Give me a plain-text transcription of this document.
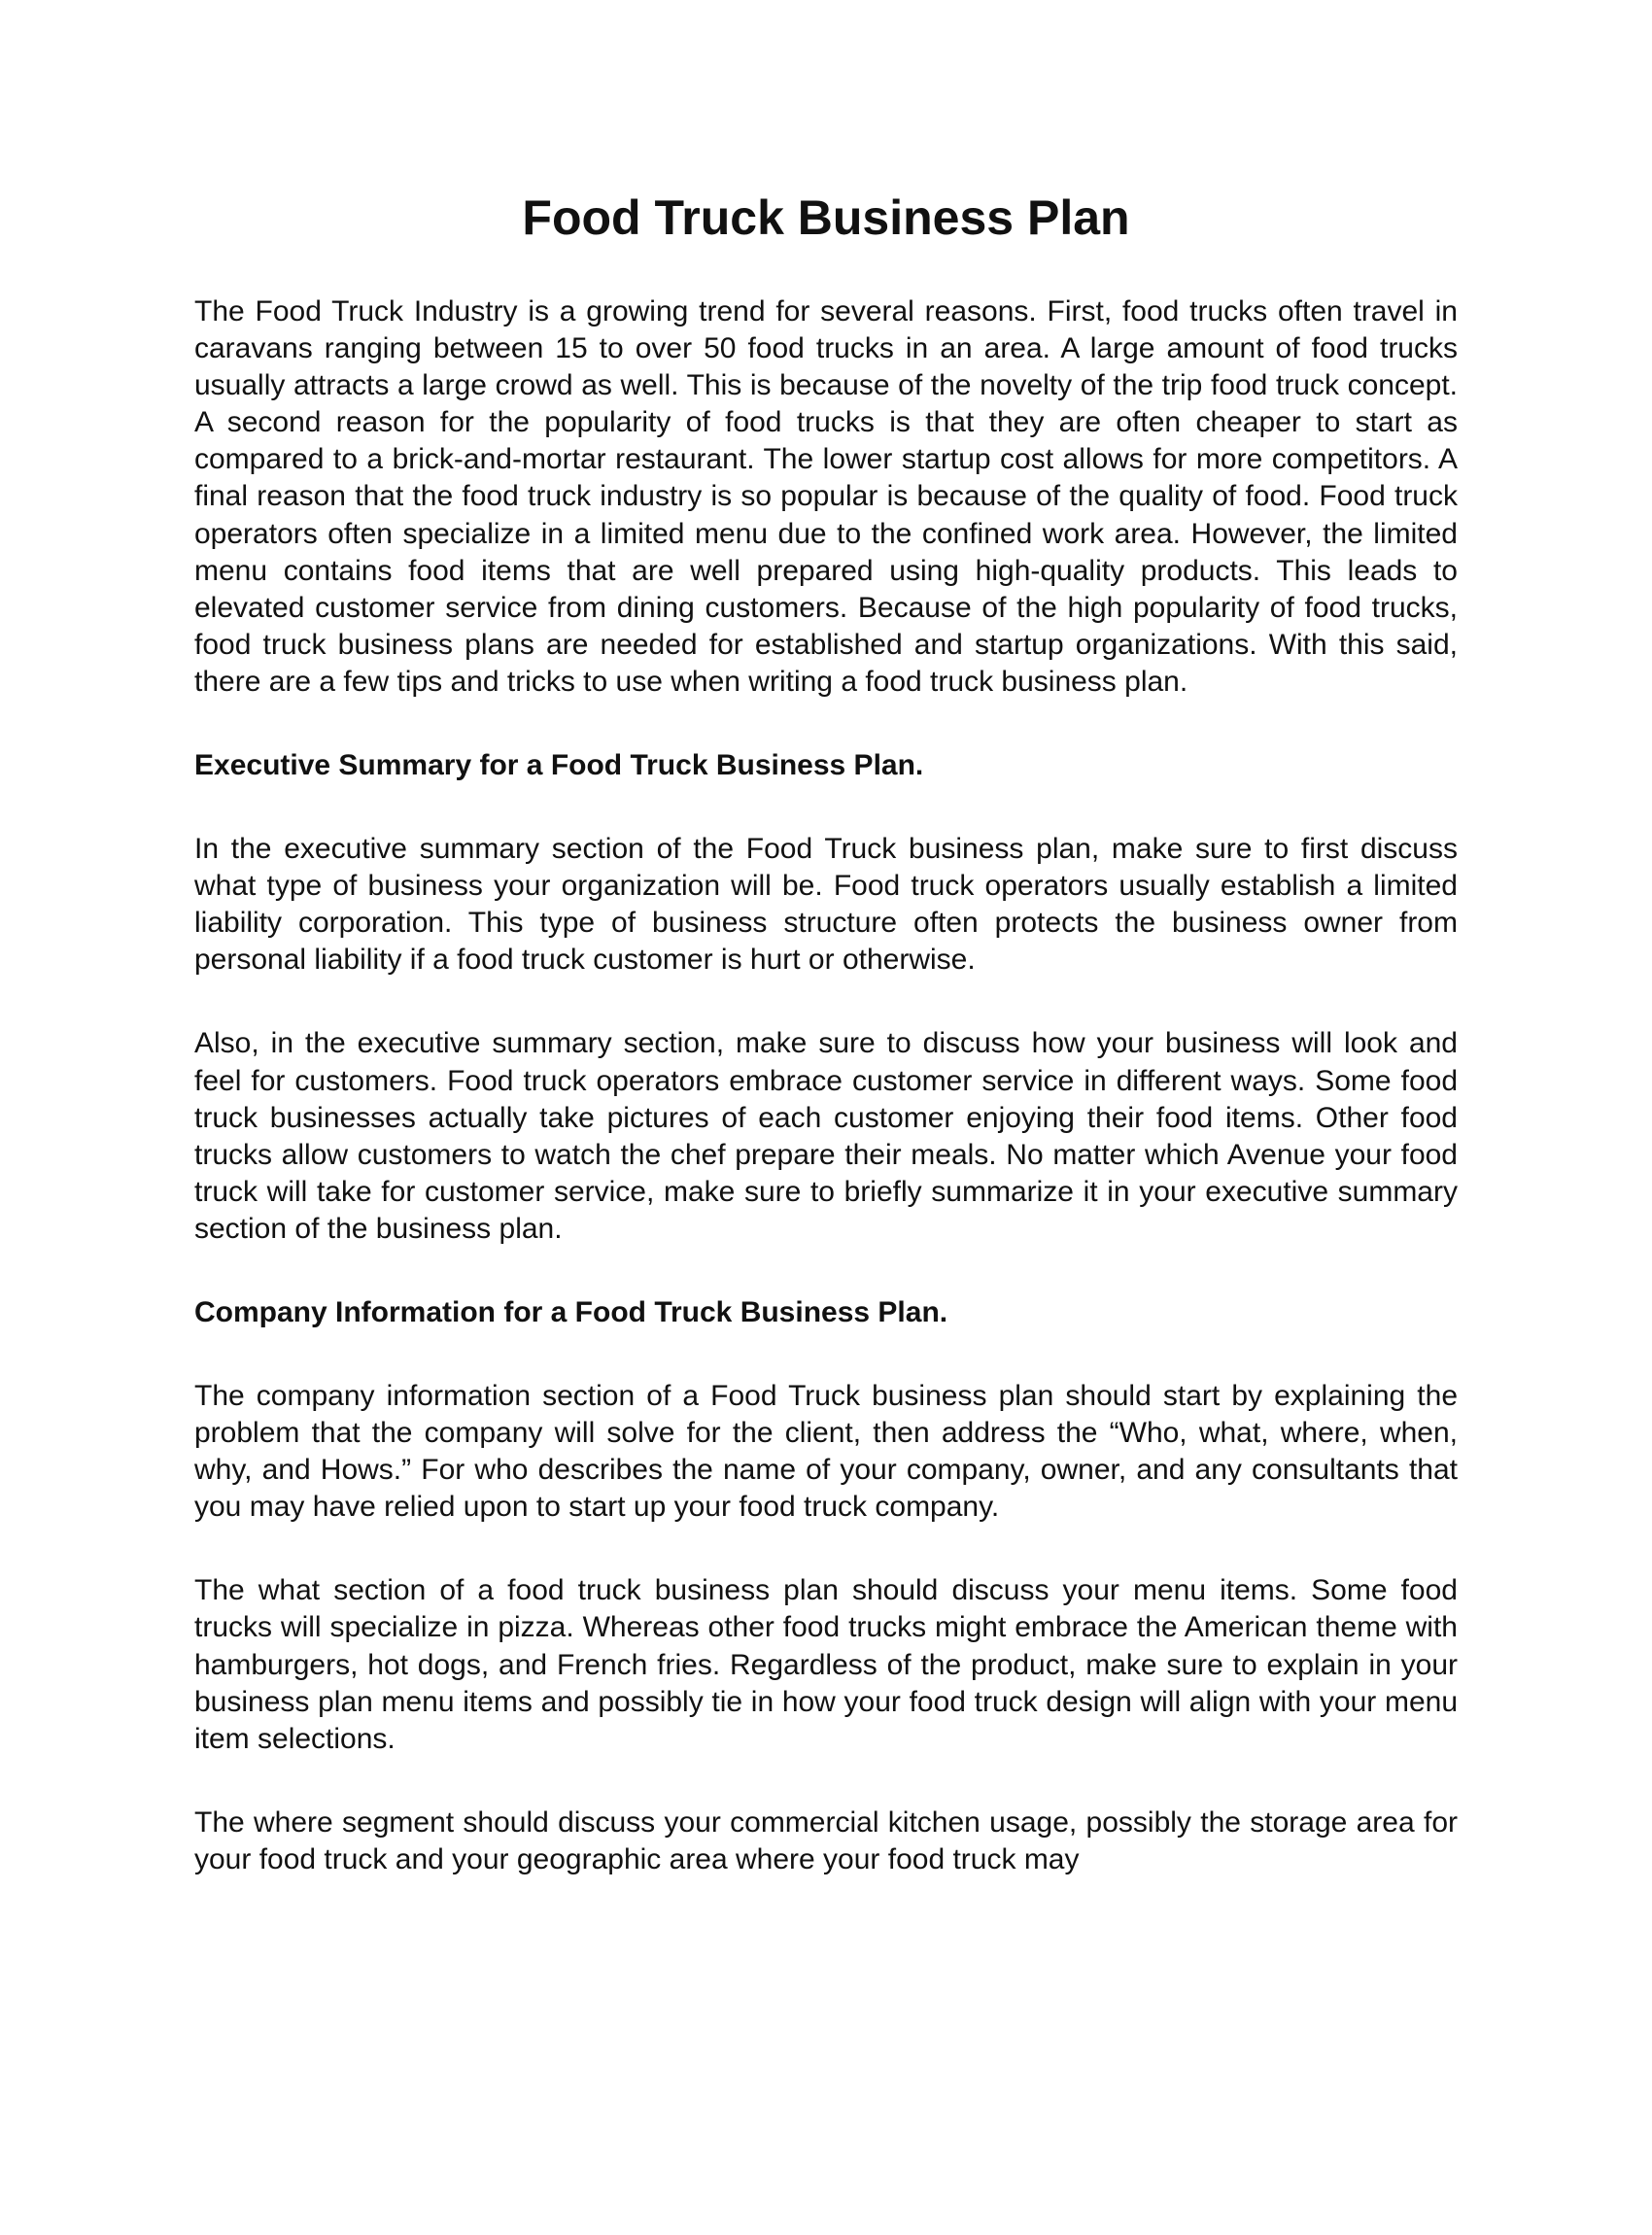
Food Truck Business Plan

The Food Truck Industry is a growing trend for several reasons. First, food trucks often travel in caravans ranging between 15 to over 50 food trucks in an area. A large amount of food trucks usually attracts a large crowd as well. This is because of the novelty of the trip food truck concept. A second reason for the popularity of food trucks is that they are often cheaper to start as compared to a brick-and-mortar restaurant. The lower startup cost allows for more competitors. A final reason that the food truck industry is so popular is because of the quality of food. Food truck operators often specialize in a limited menu due to the confined work area. However, the limited menu contains food items that are well prepared using high-quality products. This leads to elevated customer service from dining customers. Because of the high popularity of food trucks, food truck business plans are needed for established and startup organizations. With this said, there are a few tips and tricks to use when writing a food truck business plan.

Executive Summary for a Food Truck Business Plan.

In the executive summary section of the Food Truck business plan, make sure to first discuss what type of business your organization will be. Food truck operators usually establish a limited liability corporation. This type of business structure often protects the business owner from personal liability if a food truck customer is hurt or otherwise.

Also, in the executive summary section, make sure to discuss how your business will look and feel for customers. Food truck operators embrace customer service in different ways. Some food truck businesses actually take pictures of each customer enjoying their food items. Other food trucks allow customers to watch the chef prepare their meals. No matter which Avenue your food truck will take for customer service, make sure to briefly summarize it in your executive summary section of the business plan.

Company Information for a Food Truck Business Plan.

The company information section of a Food Truck business plan should start by explaining the problem that the company will solve for the client, then address the “Who, what, where, when, why, and Hows.” For who describes the name of your company, owner, and any consultants that you may have relied upon to start up your food truck company.

The what section of a food truck business plan should discuss your menu items. Some food trucks will specialize in pizza. Whereas other food trucks might embrace the American theme with hamburgers, hot dogs, and French fries. Regardless of the product, make sure to explain in your business plan menu items and possibly tie in how your food truck design will align with your menu item selections.

The where segment should discuss your commercial kitchen usage, possibly the storage area for your food truck and your geographic area where your food truck may
